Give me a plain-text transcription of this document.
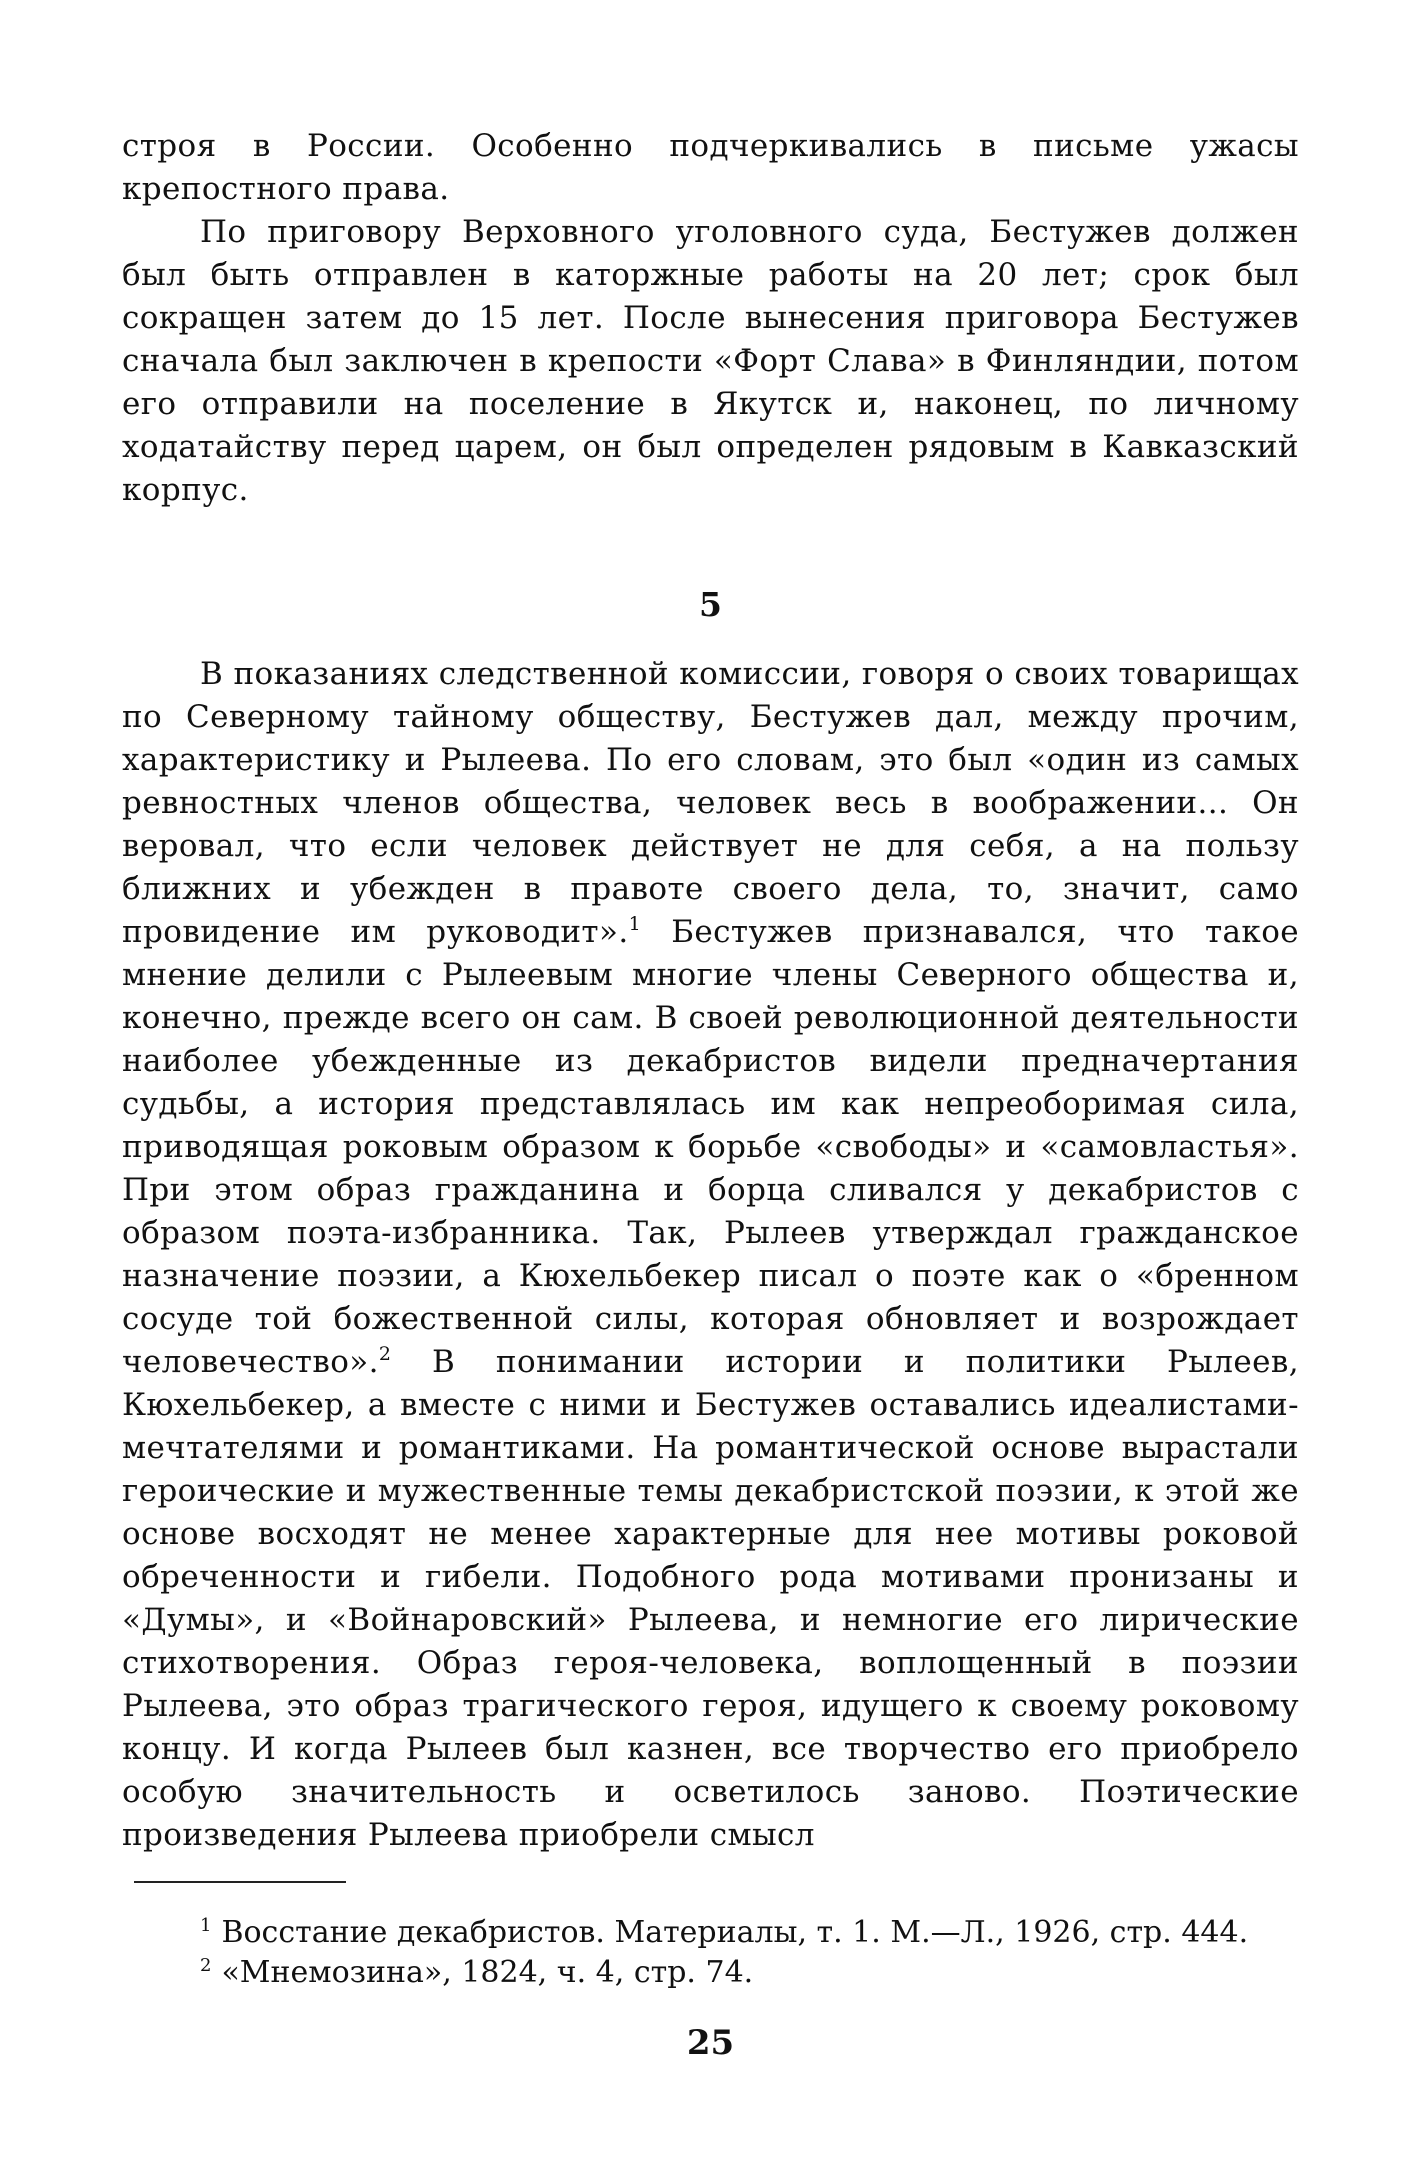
строя в России. Особенно подчеркивались в письме ужасы крепостного права.

По приговору Верховного уголовного суда, Бестужев должен был быть отправлен в каторжные работы на 20 лет; срок был сокращен затем до 15 лет. После вынесения приговора Бестужев сначала был заключен в крепости «Форт Слава» в Финляндии, потом его отправили на поселение в Якутск и, наконец, по личному ходатайству перед царем, он был определен рядовым в Кавказский корпус.

5

В показаниях следственной комиссии, говоря о своих товарищах по Северному тайному обществу, Бестужев дал, между прочим, характеристику и Рылеева. По его словам, это был «один из самых ревностных членов общества, человек весь в воображении... Он веровал, что если человек действует не для себя, а на пользу ближних и убежден в правоте своего дела, то, значит, само провидение им руководит».$^1$ Бестужев признавался, что такое мнение делили с Рылеевым многие члены Северного общества и, конечно, прежде всего он сам. В своей революционной деятельности наиболее убежденные из декабристов видели предначертания судьбы, а история представлялась им как непреоборимая сила, приводящая роковым образом к борьбе «свободы» и «самовластья». При этом образ гражданина и борца сливался у декабристов с образом поэта-избранника. Так, Рылеев утверждал гражданское назначение поэзии, а Кюхельбекер писал о поэте как о «бренном сосуде той божественной силы, которая обновляет и возрождает человечество».$^2$ В понимании истории и политики Рылеев, Кюхельбекер, а вместе с ними и Бестужев оставались идеалистами-мечтателями и романтиками. На романтической основе вырастали героические и мужественные темы декабристской поэзии, к этой же основе восходят не менее характерные для нее мотивы роковой обреченности и гибели. Подобного рода мотивами пронизаны и «Думы», и «Войнаровский» Рылеева, и немногие его лирические стихотворения. Образ героя-человека, воплощенный в поэзии Рылеева, это образ трагического героя, идущего к своему роковому концу. И когда Рылеев был казнен, все творчество его приобрело особую значительность и осветилось заново. Поэтические произведения Рылеева приобрели смысл

$^1$ Восстание декабристов. Материалы, т. 1. М.—Л., 1926, стр. 444.

$^2$ «Мнемозина», 1824, ч. 4, стр. 74.

25
